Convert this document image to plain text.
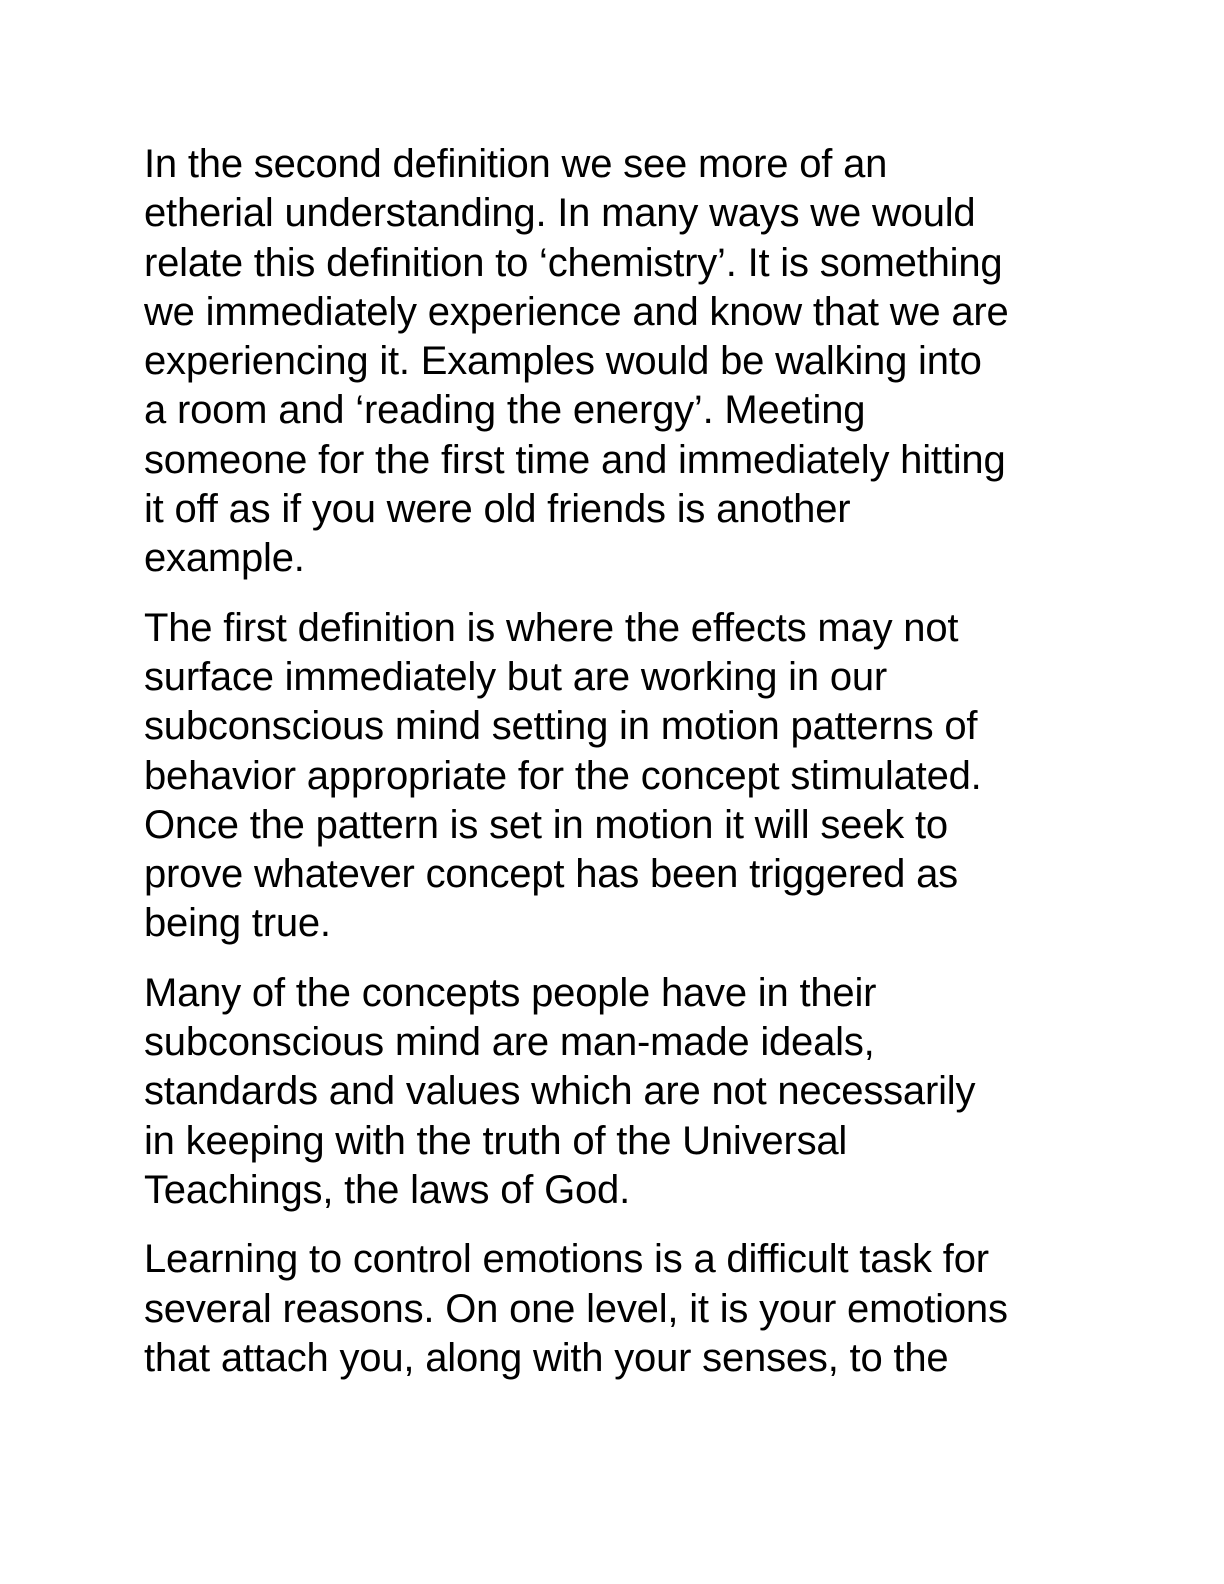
In the second definition we see more of an
etherial understanding. In many ways we would
relate this definition to ‘chemistry’. It is something
we immediately experience and know that we are
experiencing it. Examples would be walking into
a room and ‘reading the energy’. Meeting
someone for the first time and immediately hitting
it off as if you were old friends is another
example.

The first definition is where the effects may not
surface immediately but are working in our
subconscious mind setting in motion patterns of
behavior appropriate for the concept stimulated.
Once the pattern is set in motion it will seek to
prove whatever concept has been triggered as
being true.

Many of the concepts people have in their
subconscious mind are man-made ideals,
standards and values which are not necessarily
in keeping with the truth of the Universal
Teachings, the laws of God.

Learning to control emotions is a difficult task for
several reasons. On one level, it is your emotions
that attach you, along with your senses, to the
